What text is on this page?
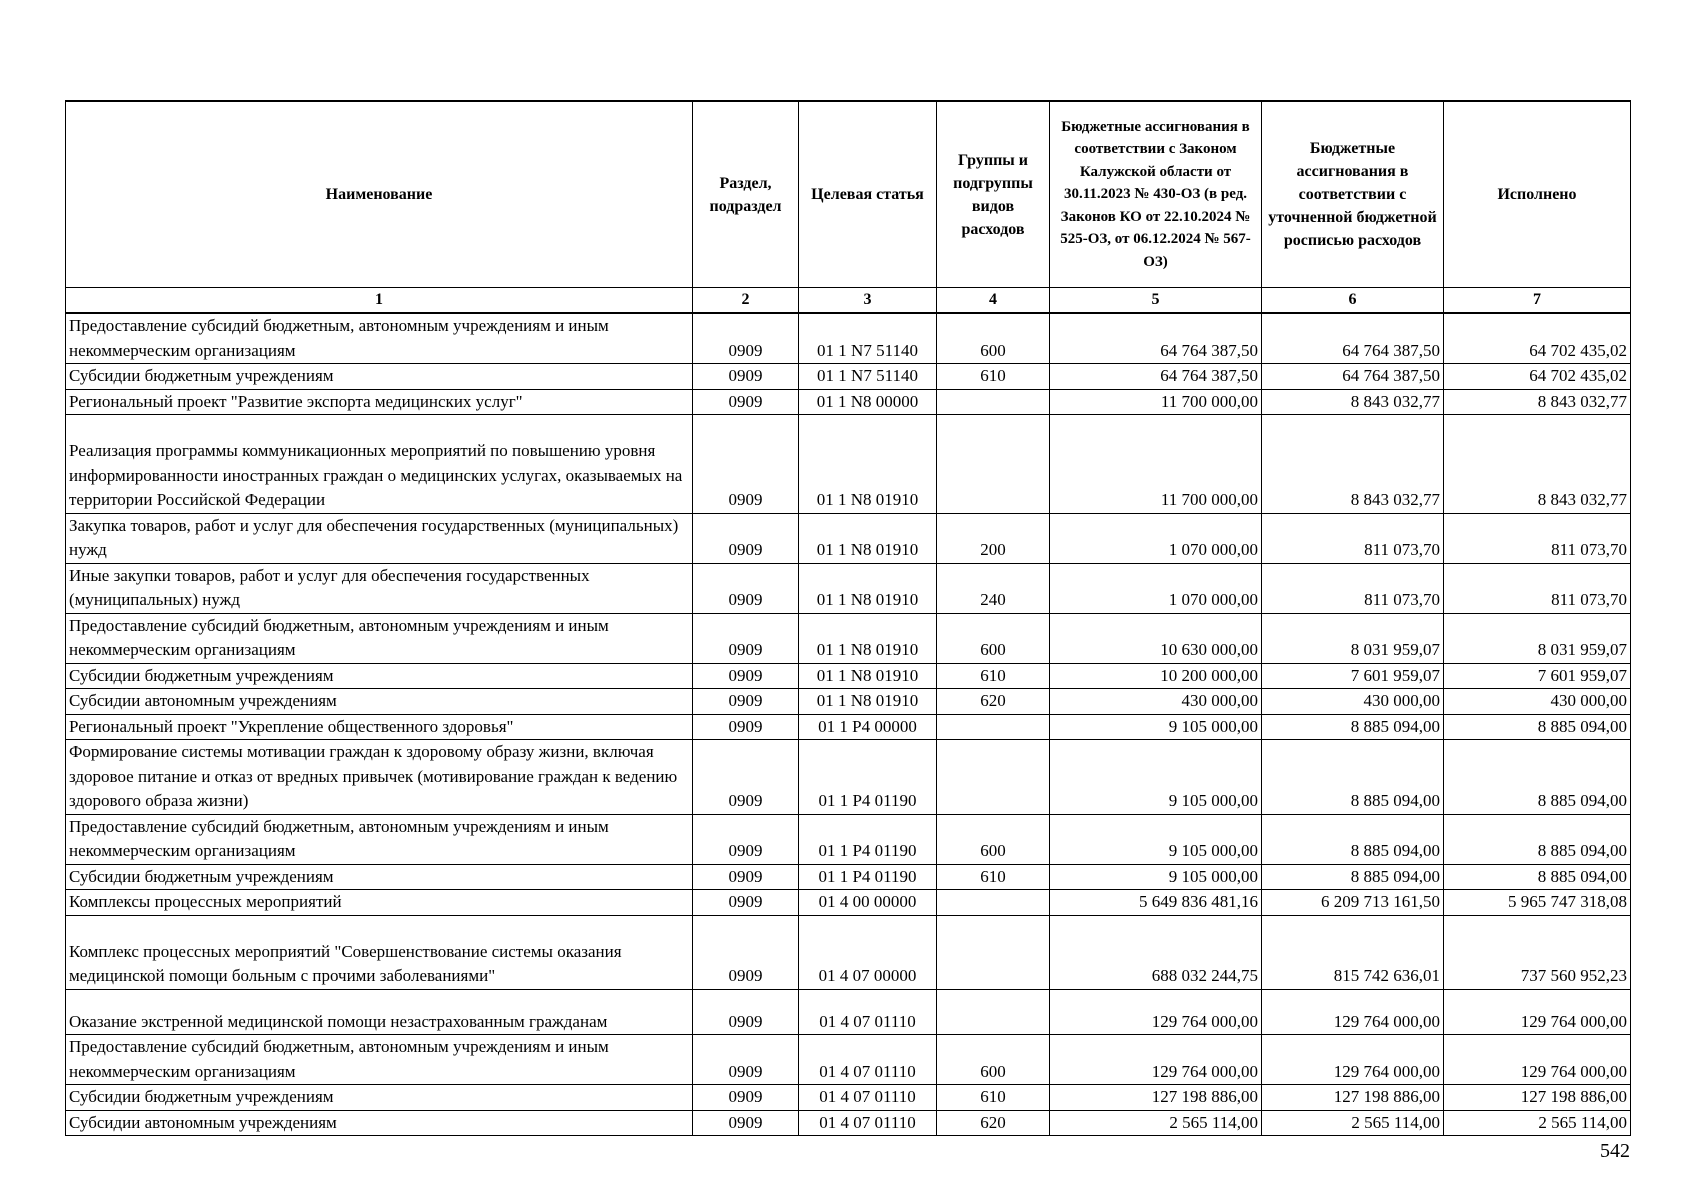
Наименование	Раздел, подраздел	Целевая статья	Группы и подгруппы видов расходов	Бюджетные ассигнования в соответствии с Законом Калужской области от 30.11.2023 № 430-ОЗ (в ред. Законов КО от 22.10.2024 № 525-ОЗ, от 06.12.2024 № 567-ОЗ)	Бюджетные ассигнования в соответствии с уточненной бюджетной росписью расходов	Исполнено
1	2	3	4	5	6	7
Предоставление субсидий бюджетным, автономным учреждениям и иным некоммерческим организациям	0909	01 1 N7 51140	600	64 764 387,50	64 764 387,50	64 702 435,02
Субсидии бюджетным учреждениям	0909	01 1 N7 51140	610	64 764 387,50	64 764 387,50	64 702 435,02
Региональный проект "Развитие экспорта медицинских услуг"	0909	01 1 N8 00000		11 700 000,00	8 843 032,77	8 843 032,77
Реализация программы коммуникационных мероприятий по повышению уровня информированности иностранных граждан о медицинских услугах, оказываемых на территории Российской Федерации	0909	01 1 N8 01910		11 700 000,00	8 843 032,77	8 843 032,77
Закупка товаров, работ и услуг для обеспечения государственных (муниципальных) нужд	0909	01 1 N8 01910	200	1 070 000,00	811 073,70	811 073,70
Иные закупки товаров, работ и услуг для обеспечения государственных (муниципальных) нужд	0909	01 1 N8 01910	240	1 070 000,00	811 073,70	811 073,70
Предоставление субсидий бюджетным, автономным учреждениям и иным некоммерческим организациям	0909	01 1 N8 01910	600	10 630 000,00	8 031 959,07	8 031 959,07
Субсидии бюджетным учреждениям	0909	01 1 N8 01910	610	10 200 000,00	7 601 959,07	7 601 959,07
Субсидии автономным учреждениям	0909	01 1 N8 01910	620	430 000,00	430 000,00	430 000,00
Региональный проект "Укрепление общественного здоровья"	0909	01 1 P4 00000		9 105 000,00	8 885 094,00	8 885 094,00
Формирование системы мотивации граждан к здоровому образу жизни, включая здоровое питание и отказ от вредных привычек (мотивирование граждан к ведению здорового образа жизни)	0909	01 1 P4 01190		9 105 000,00	8 885 094,00	8 885 094,00
Предоставление субсидий бюджетным, автономным учреждениям и иным некоммерческим организациям	0909	01 1 P4 01190	600	9 105 000,00	8 885 094,00	8 885 094,00
Субсидии бюджетным учреждениям	0909	01 1 P4 01190	610	9 105 000,00	8 885 094,00	8 885 094,00
Комплексы процессных мероприятий	0909	01 4 00 00000		5 649 836 481,16	6 209 713 161,50	5 965 747 318,08
Комплекс процессных мероприятий "Совершенствование системы оказания медицинской помощи больным с прочими заболеваниями"	0909	01 4 07 00000		688 032 244,75	815 742 636,01	737 560 952,23
Оказание экстренной медицинской помощи незастрахованным гражданам	0909	01 4 07 01110		129 764 000,00	129 764 000,00	129 764 000,00
Предоставление субсидий бюджетным, автономным учреждениям и иным некоммерческим организациям	0909	01 4 07 01110	600	129 764 000,00	129 764 000,00	129 764 000,00
Субсидии бюджетным учреждениям	0909	01 4 07 01110	610	127 198 886,00	127 198 886,00	127 198 886,00
Субсидии автономным учреждениям	0909	01 4 07 01110	620	2 565 114,00	2 565 114,00	2 565 114,00
542
